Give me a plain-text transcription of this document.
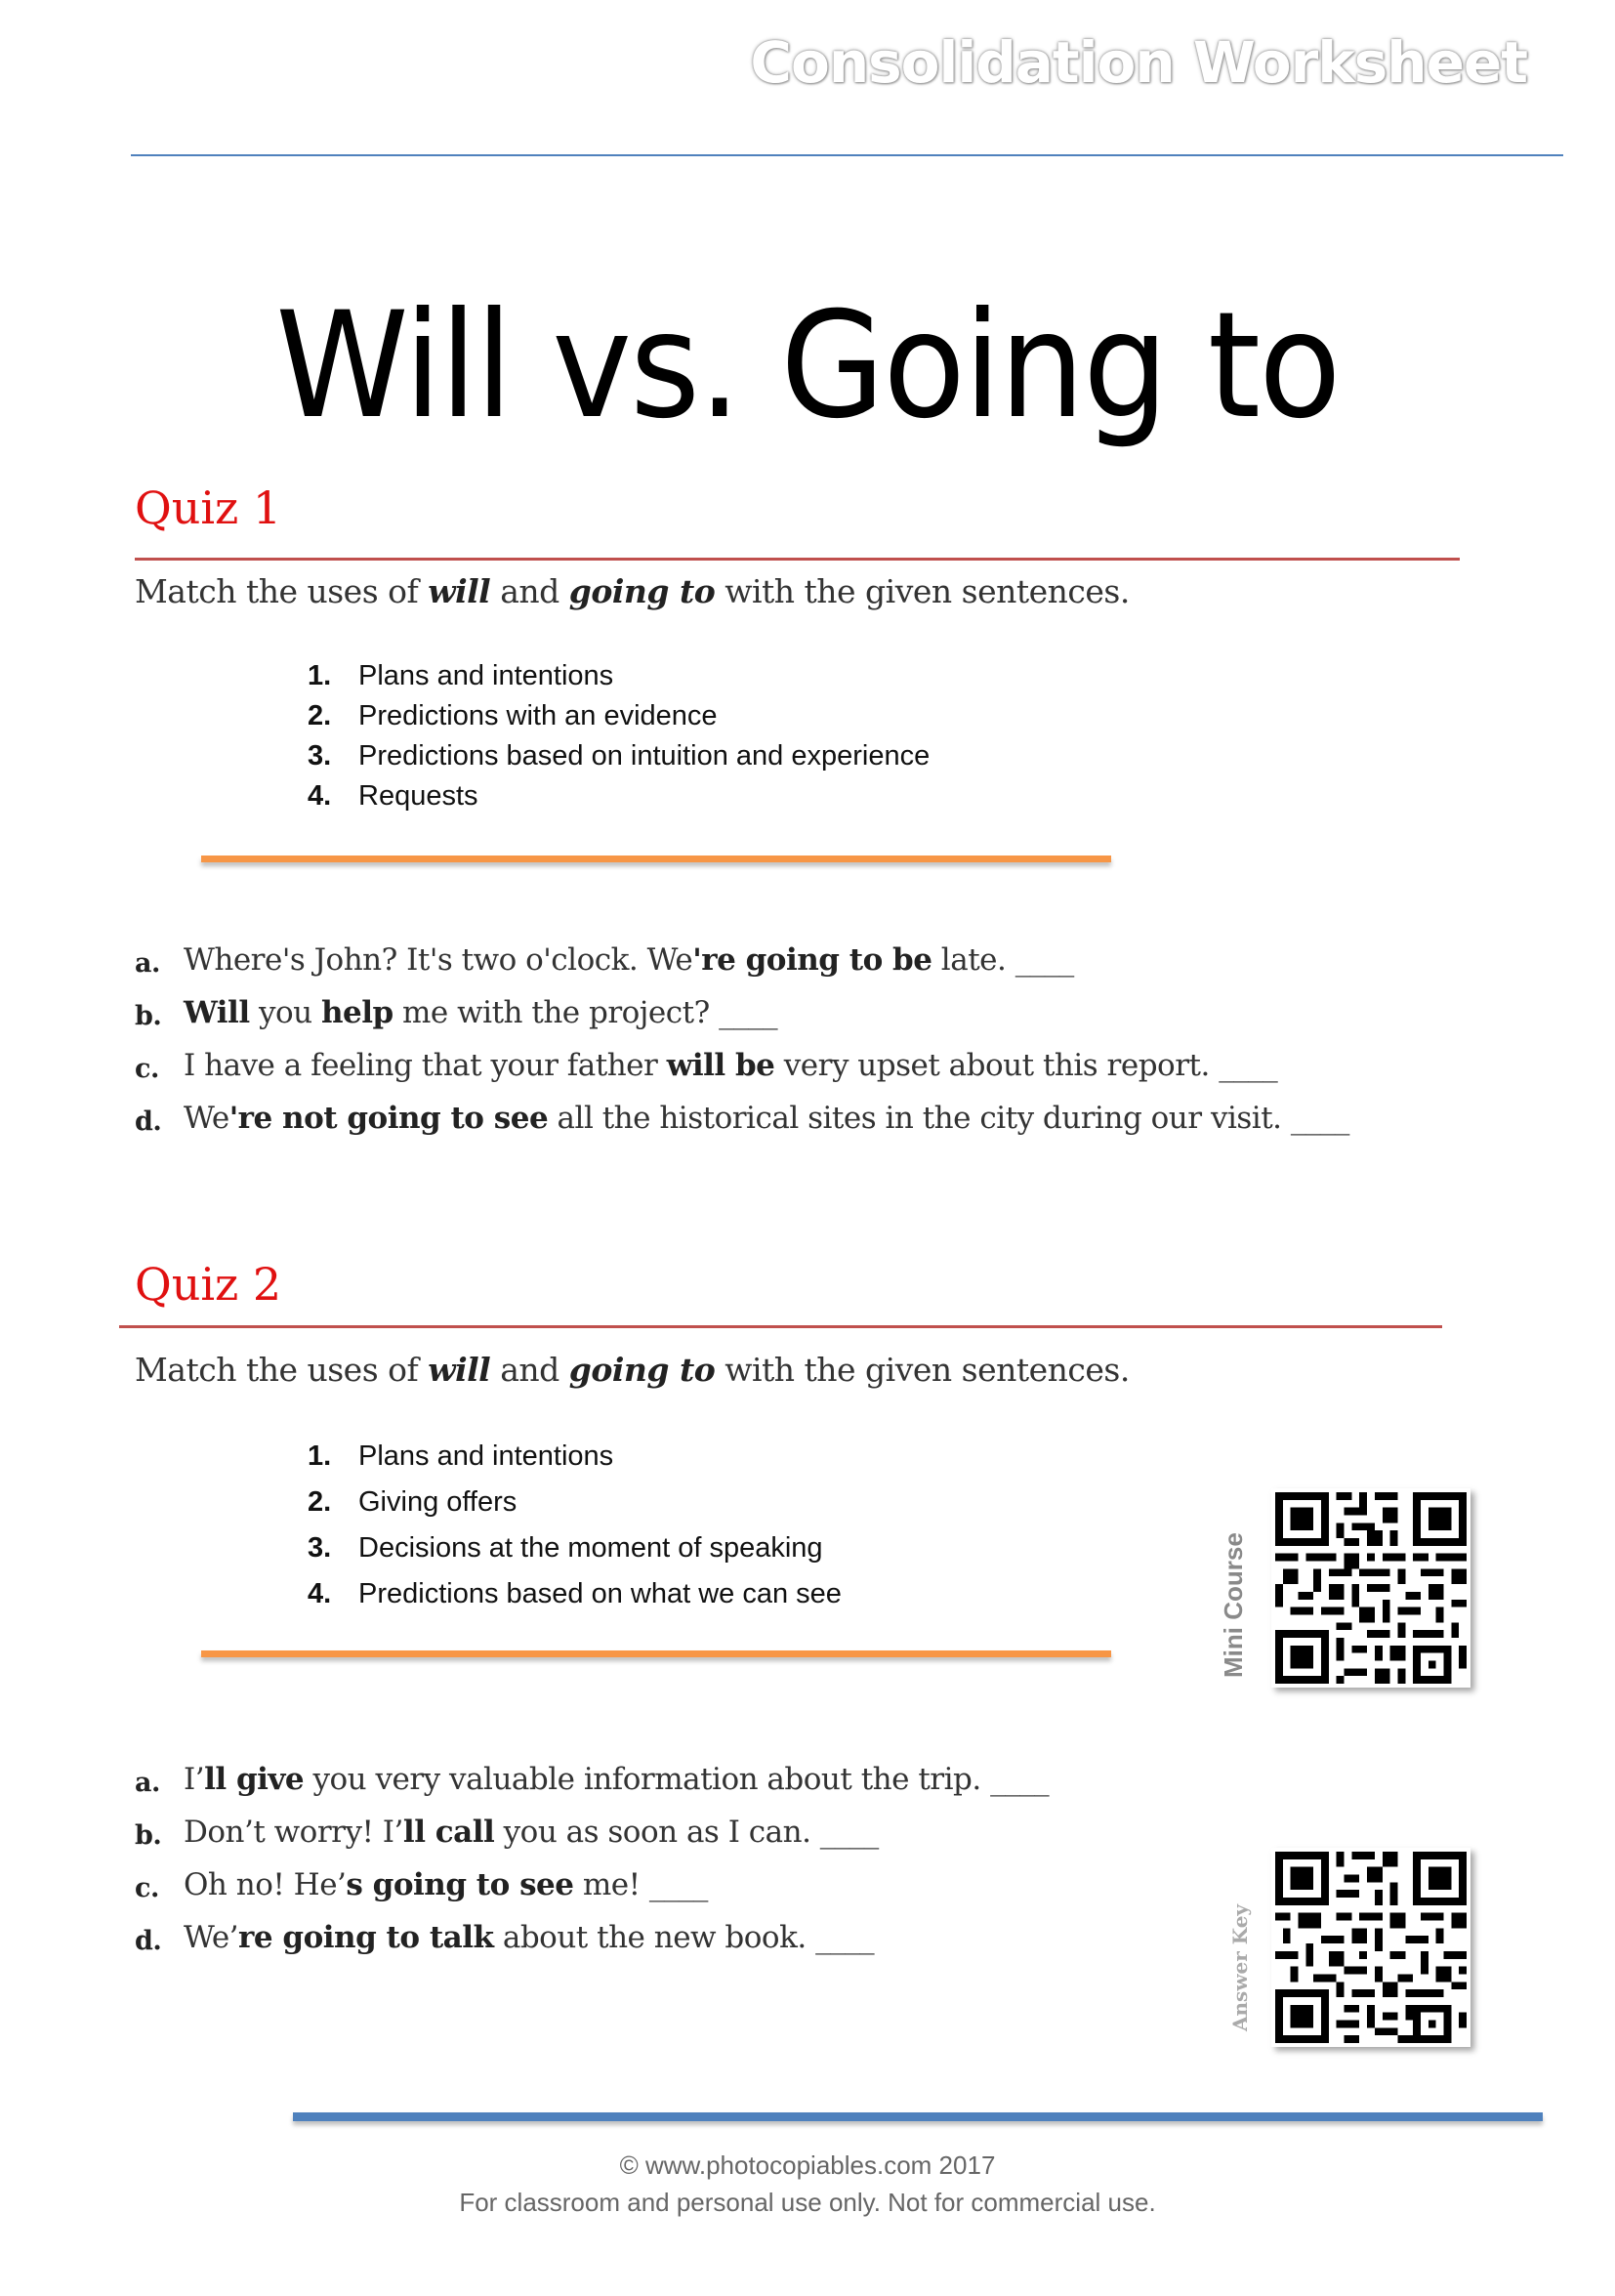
Consolidation Worksheet
Will vs. Going to
Quiz 1
Match the uses of will and going to with the given sentences.
1. Plans and intentions
2. Predictions with an evidence
3. Predictions based on intuition and experience
4. Requests
a. Where's John? It's two o'clock. We're going to be late. ____
b. Will you help me with the project? ____
c. I have a feeling that your father will be very upset about this report. ____
d. We're not going to see all the historical sites in the city during our visit. ____
Quiz 2
Match the uses of will and going to with the given sentences.
1. Plans and intentions
2. Giving offers
3. Decisions at the moment of speaking
4. Predictions based on what we can see
a. I’ll give you very valuable information about the trip. ____
b. Don’t worry! I’ll call you as soon as I can. ____
c. Oh no! He’s going to see me! ____
d. We’re going to talk about the new book. ____
Mini Course
Answer Key
© www.photocopiables.com 2017
For classroom and personal use only. Not for commercial use.
